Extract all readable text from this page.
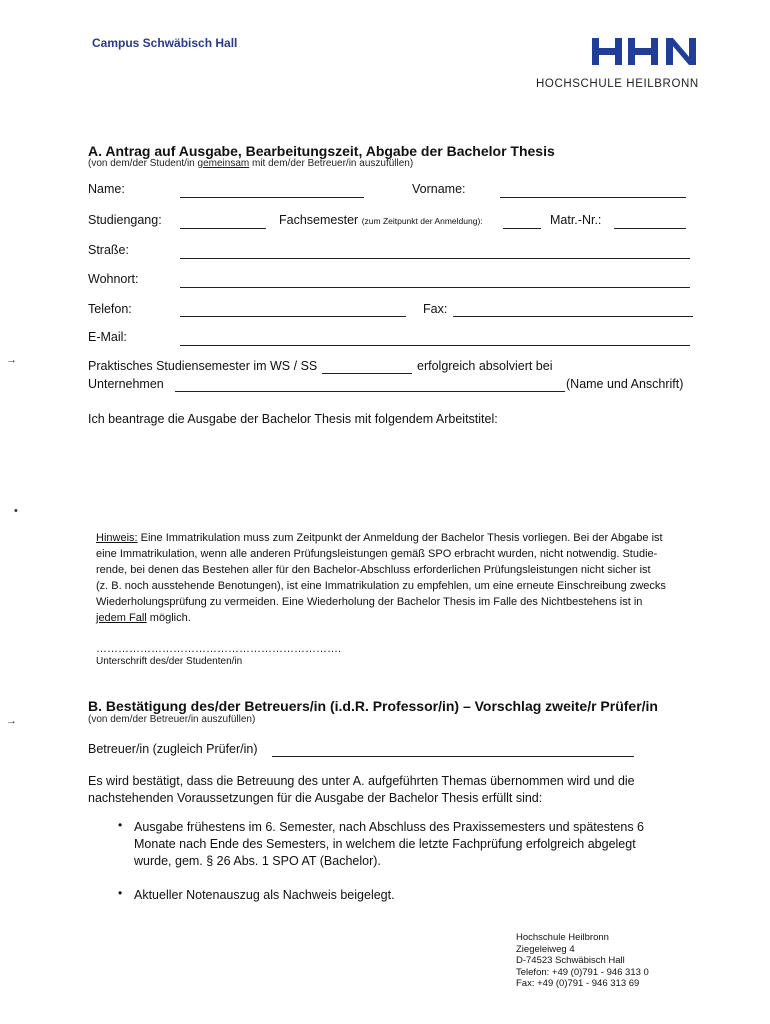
Campus Schwäbisch Hall
HOCHSCHULE HEILBRONN
A. Antrag auf Ausgabe, Bearbeitungszeit, Abgabe der Bachelor Thesis
(von dem/der Student/in gemeinsam mit dem/der Betreuer/in auszufüllen)
Name:	Vorname:
Studiengang:	Fachsemester (zum Zeitpunkt der Anmeldung):	Matr.-Nr.:
Straße:
Wohnort:
Telefon:	Fax:
E-Mail:
→	Praktisches Studiensemester im WS / SS	erfolgreich absolviert bei
Unternehmen	(Name und Anschrift)
Ich beantrage die Ausgabe der Bachelor Thesis mit folgendem Arbeitstitel:
•

Hinweis: Eine Immatrikulation muss zum Zeitpunkt der Anmeldung der Bachelor Thesis vorliegen. Bei der Abgabe ist

eine Immatrikulation, wenn alle anderen Prüfungsleistungen gemäß SPO erbracht wurden, nicht notwendig. Studie-

rende, bei denen das Bestehen aller für den Bachelor-Abschluss erforderlichen Prüfungsleistungen nicht sicher ist

(z. B. noch ausstehende Benotungen), ist eine Immatrikulation zu empfehlen, um eine erneute Einschreibung zwecks

Wiederholungsprüfung zu vermeiden. Eine Wiederholung der Bachelor Thesis im Falle des Nichtbestehens ist in

jedem Fall möglich.

………………………………………………………….
Unterschrift des/der Studenten/in
B. Bestätigung des/der Betreuers/in (i.d.R. Professor/in) – Vorschlag zweite/r Prüfer/in
→	(von dem/der Betreuer/in auszufüllen)
Betreuer/in (zugleich Prüfer/in)
Es wird bestätigt, dass die Betreuung des unter A. aufgeführten Themas übernommen wird und die
nachstehenden Voraussetzungen für die Ausgabe der Bachelor Thesis erfüllt sind:
• Ausgabe frühestens im 6. Semester, nach Abschluss des Praxissemesters und spätestens 6
Monate nach Ende des Semesters, in welchem die letzte Fachprüfung erfolgreich abgelegt
wurde, gem. § 26 Abs. 1 SPO AT (Bachelor).
• Aktueller Notenauszug als Nachweis beigelegt.
Hochschule Heilbronn
Ziegeleiweg 4
D-74523 Schwäbisch Hall
Telefon: +49 (0)791 - 946 313 0
Fax: +49 (0)791 - 946 313 69
